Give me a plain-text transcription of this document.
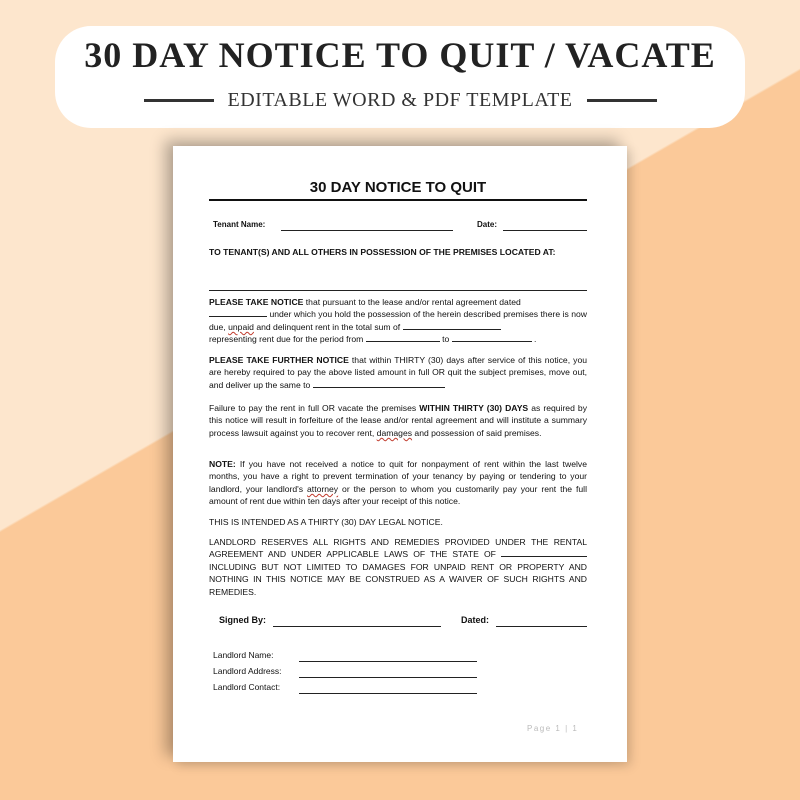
30 DAY NOTICE TO QUIT / VACATE
EDITABLE WORD & PDF TEMPLATE
30 DAY NOTICE TO QUIT
Tenant Name:	Date:

TO TENANT(S) AND ALL OTHERS IN POSSESSION OF THE PREMISES LOCATED AT:

PLEASE TAKE NOTICE that pursuant to the lease and/or rental agreement dated
under which you hold the possession of the herein described premises there is now due, unpaid and delinquent rent in the total sum of
representing rent due for the period from	to	.

PLEASE TAKE FURTHER NOTICE that within THIRTY (30) days after service of this notice, you are hereby required to pay the above listed amount in full OR quit the subject premises, move out, and deliver up the same to

Failure to pay the rent in full OR vacate the premises WITHIN THIRTY (30) DAYS as required by this notice will result in forfeiture of the lease and/or rental agreement and will institute a summary process lawsuit against you to recover rent, damages and possession of said premises.

NOTE: If you have not received a notice to quit for nonpayment of rent within the last twelve months, you have a right to prevent termination of your tenancy by paying or tendering to your landlord, your landlord's attorney or the person to whom you customarily pay your rent the full amount of rent due within ten days after your receipt of this notice.

THIS IS INTENDED AS A THIRTY (30) DAY LEGAL NOTICE.

LANDLORD RESERVES ALL RIGHTS AND REMEDIES PROVIDED UNDER THE RENTAL AGREEMENT AND UNDER APPLICABLE LAWS OF THE STATE OF  INCLUDING BUT NOT LIMITED TO DAMAGES FOR UNPAID RENT OR PROPERTY AND NOTHING IN THIS NOTICE MAY BE CONSTRUED AS A WAIVER OF SUCH RIGHTS AND REMEDIES.

Signed By:	Dated:
Landlord Name:
Landlord Address:
Landlord Contact:
Page 1 | 1
